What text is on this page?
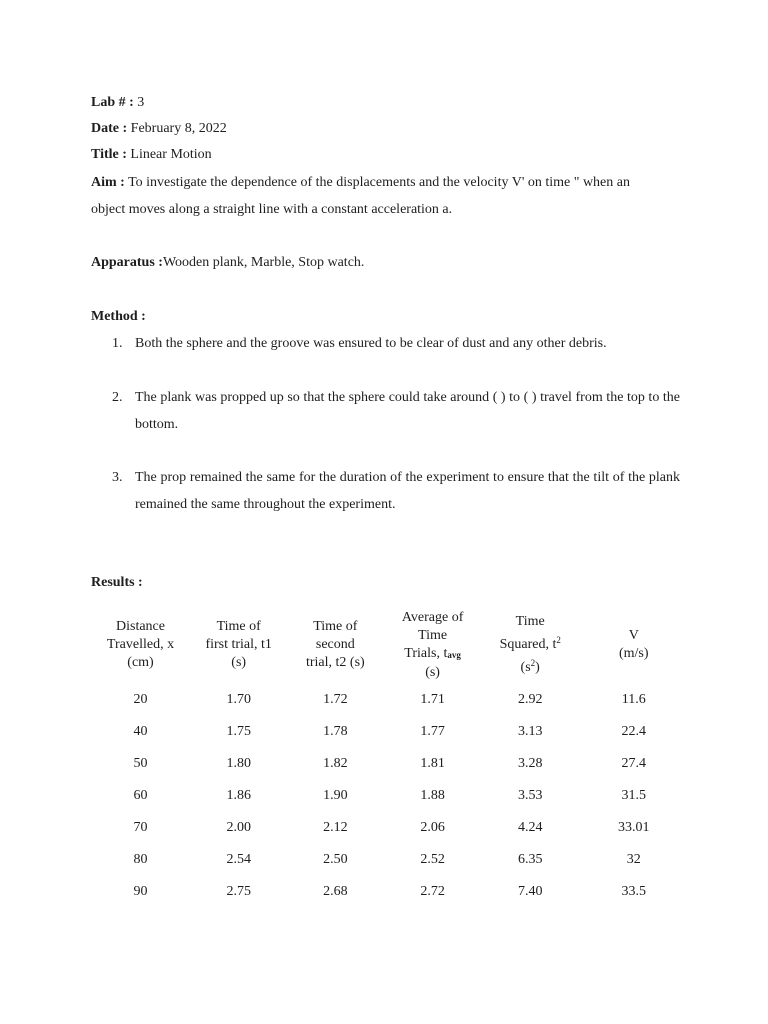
Lab # : 3
Date : February 8, 2022
Title : Linear Motion
Aim : To investigate the dependence of the displacements and the velocity V' on time " when an
object moves along a straight line with a constant acceleration a.
Apparatus :Wooden plank, Marble, Stop watch.
Method :
1. Both the sphere and the groove was ensured to be clear of dust and any other debris.
2. The plank was propped up so that the sphere could take around ( ) to ( ) travel from the top to the bottom.
3. The prop remained the same for the duration of the experiment to ensure that the tilt of the plank remained the same throughout the experiment.
Results :
Distance
Travelled, x
(cm)	Time of
first trial, t1
(s)	Time of
second
trial, t2 (s)	Average of
Time
Trials, $t_{avg}$
(s)	Time
Squared, $t^2$
$(s^2)$	V
(m/s)
20	1.70	1.72	1.71	2.92	11.6
40	1.75	1.78	1.77	3.13	22.4
50	1.80	1.82	1.81	3.28	27.4
60	1.86	1.90	1.88	3.53	31.5
70	2.00	2.12	2.06	4.24	33.01
80	2.54	2.50	2.52	6.35	32
90	2.75	2.68	2.72	7.40	33.5
